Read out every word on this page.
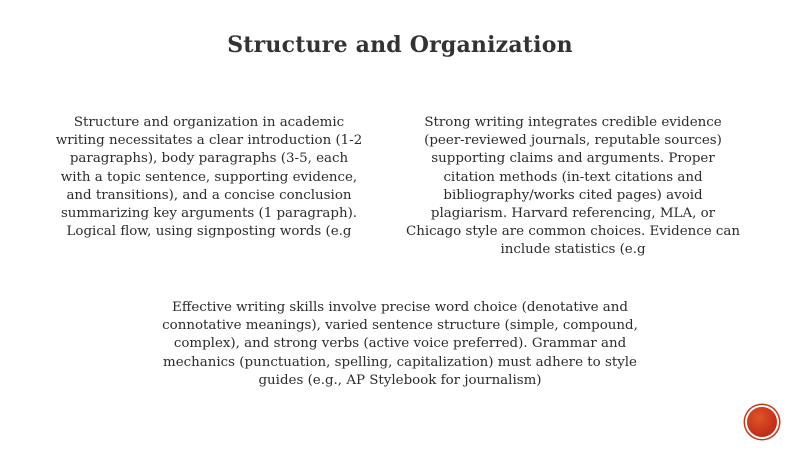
Structure and Organization
Structure and organization in academic
writing necessitates a clear introduction (1-2
paragraphs), body paragraphs (3-5, each
with a topic sentence, supporting evidence,
and transitions), and a concise conclusion
summarizing key arguments (1 paragraph).
Logical flow, using signposting words (e.g
Strong writing integrates credible evidence
(peer-reviewed journals, reputable sources)
supporting claims and arguments. Proper
citation methods (in-text citations and
bibliography/works cited pages) avoid
plagiarism. Harvard referencing, MLA, or
Chicago style are common choices. Evidence can
include statistics (e.g
Effective writing skills involve precise word choice (denotative and
connotative meanings), varied sentence structure (simple, compound,
complex), and strong verbs (active voice preferred). Grammar and
mechanics (punctuation, spelling, capitalization) must adhere to style
guides (e.g., AP Stylebook for journalism)
